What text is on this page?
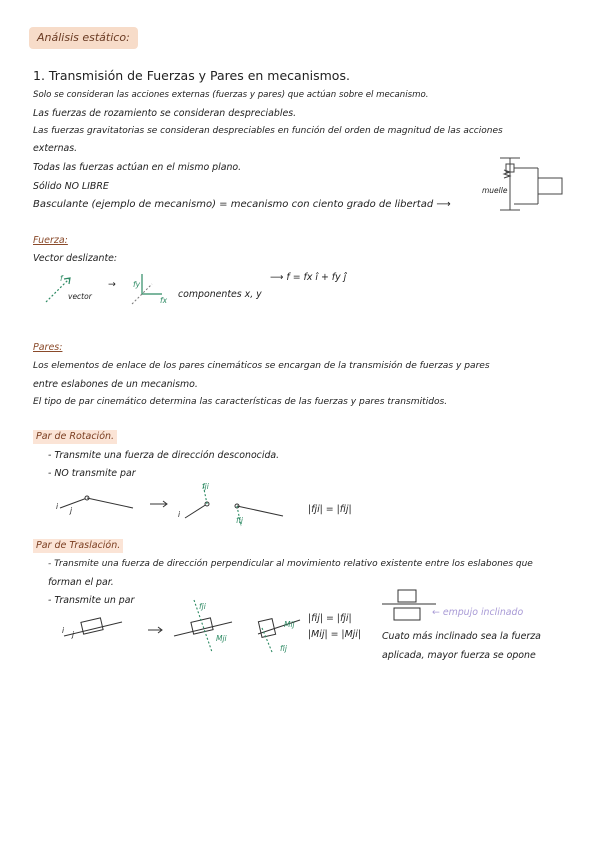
Análisis estático:
1. Transmisión de Fuerzas y Pares en mecanismos.
Solo se consideran las acciones externas (fuerzas y pares) que actúan sobre el mecanismo.
Las fuerzas de rozamiento se consideran despreciables.
Las fuerzas gravitatorias se consideran despreciables en función del orden de magnitud de las acciones
externas.
Todas las fuerzas actúan en el mismo plano.
Sólido NO LIBRE
Basculante (ejemplo de mecanismo) = mecanismo con ciento grado de libertad ⟶
muelle
Fuerza:
Vector deslizante:
f
vector
→ fy
fx
componentes x, y
⟶ f = fx î + fy ĵ
Pares:
Los elementos de enlace de los pares cinemáticos se encargan de la transmisión de fuerzas y pares
entre eslabones de un mecanismo.
El tipo de par cinemático determina las características de las fuerzas y pares transmitidos.
Par de Rotación.
- Transmite una fuerza de dirección desconocida.
- NO transmite par
i j	i
fji
fij
|fji| = |fij|
Par de Traslación.
- Transmite una fuerza de dirección perpendicular al movimiento relativo existente entre los eslabones que
forman el par.
- Transmite un par
i j
fji
Mji
Mij
fij
|fij| = |fji|
|Mij| = |Mji|
← empujo inclinado
Cuato más inclinado sea la fuerza
aplicada, mayor fuerza se opone
